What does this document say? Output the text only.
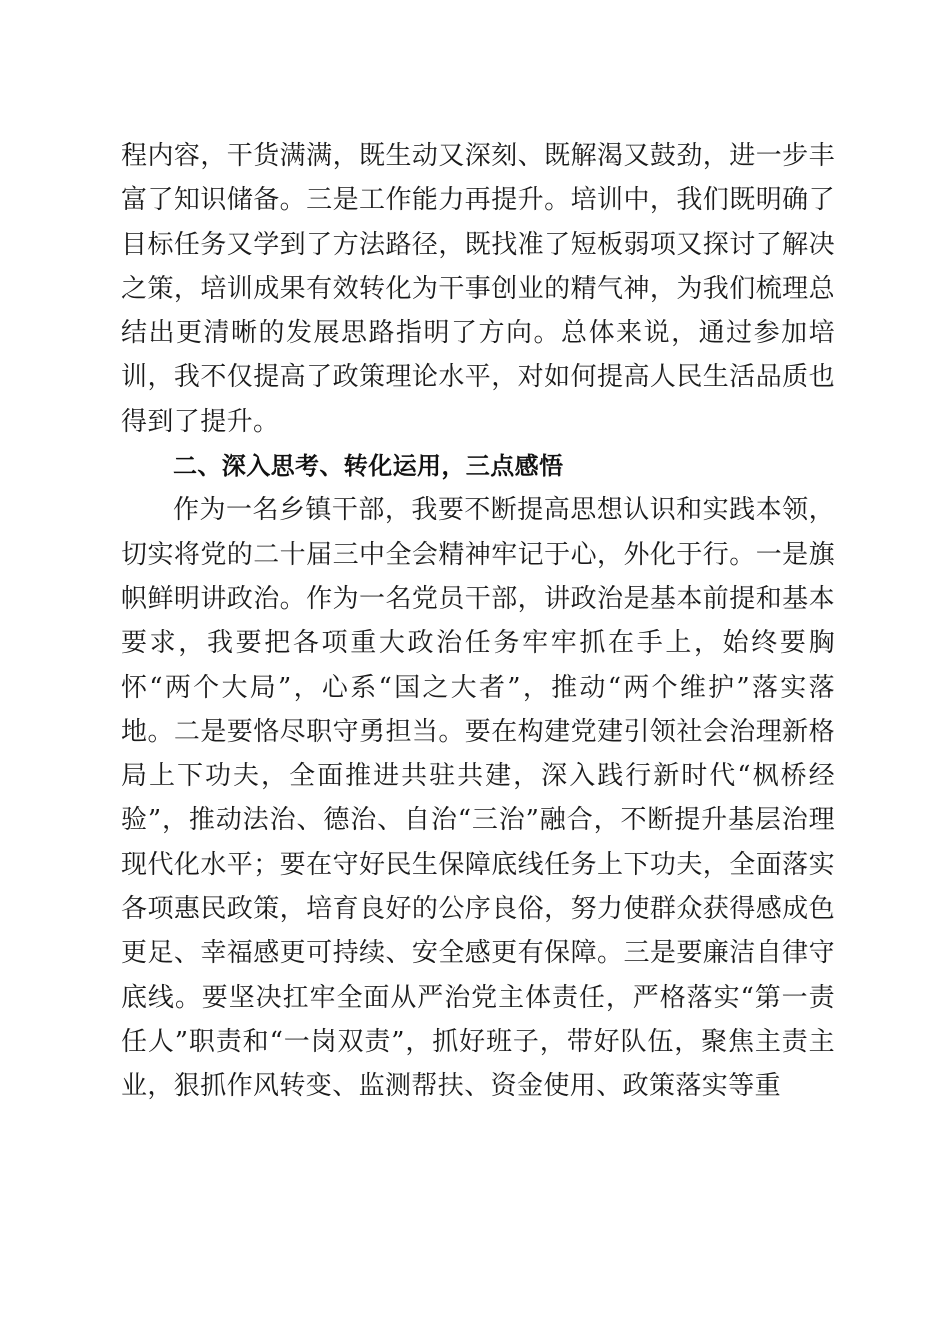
程内容，干货满满，既生动又深刻、既解渴又鼓劲，进一步丰富了知识储备。三是工作能力再提升。培训中，我们既明确了目标任务又学到了方法路径，既找准了短板弱项又探讨了解决之策，培训成果有效转化为干事创业的精气神，为我们梳理总结出更清晰的发展思路指明了方向。总体来说，通过参加培训，我不仅提高了政策理论水平，对如何提高人民生活品质也得到了提升。

二、深入思考、转化运用，三点感悟

作为一名乡镇干部，我要不断提高思想认识和实践本领，切实将党的二十届三中全会精神牢记于心，外化于行。一是旗帜鲜明讲政治。作为一名党员干部，讲政治是基本前提和基本要求，我要把各项重大政治任务牢牢抓在手上，始终要胸怀“两个大局”，心系“国之大者”，推动“两个维护”落实落地。二是要恪尽职守勇担当。要在构建党建引领社会治理新格局上下功夫，全面推进共驻共建，深入践行新时代“枫桥经验”，推动法治、德治、自治“三治”融合，不断提升基层治理现代化水平；要在守好民生保障底线任务上下功夫，全面落实各项惠民政策，培育良好的公序良俗，努力使群众获得感成色更足、幸福感更可持续、安全感更有保障。三是要廉洁自律守底线。要坚决扛牢全面从严治党主体责任，严格落实“第一责任人”职责和“一岗双责”，抓好班子，带好队伍，聚焦主责主业，狠抓作风转变、监测帮扶、资金使用、政策落实等重
